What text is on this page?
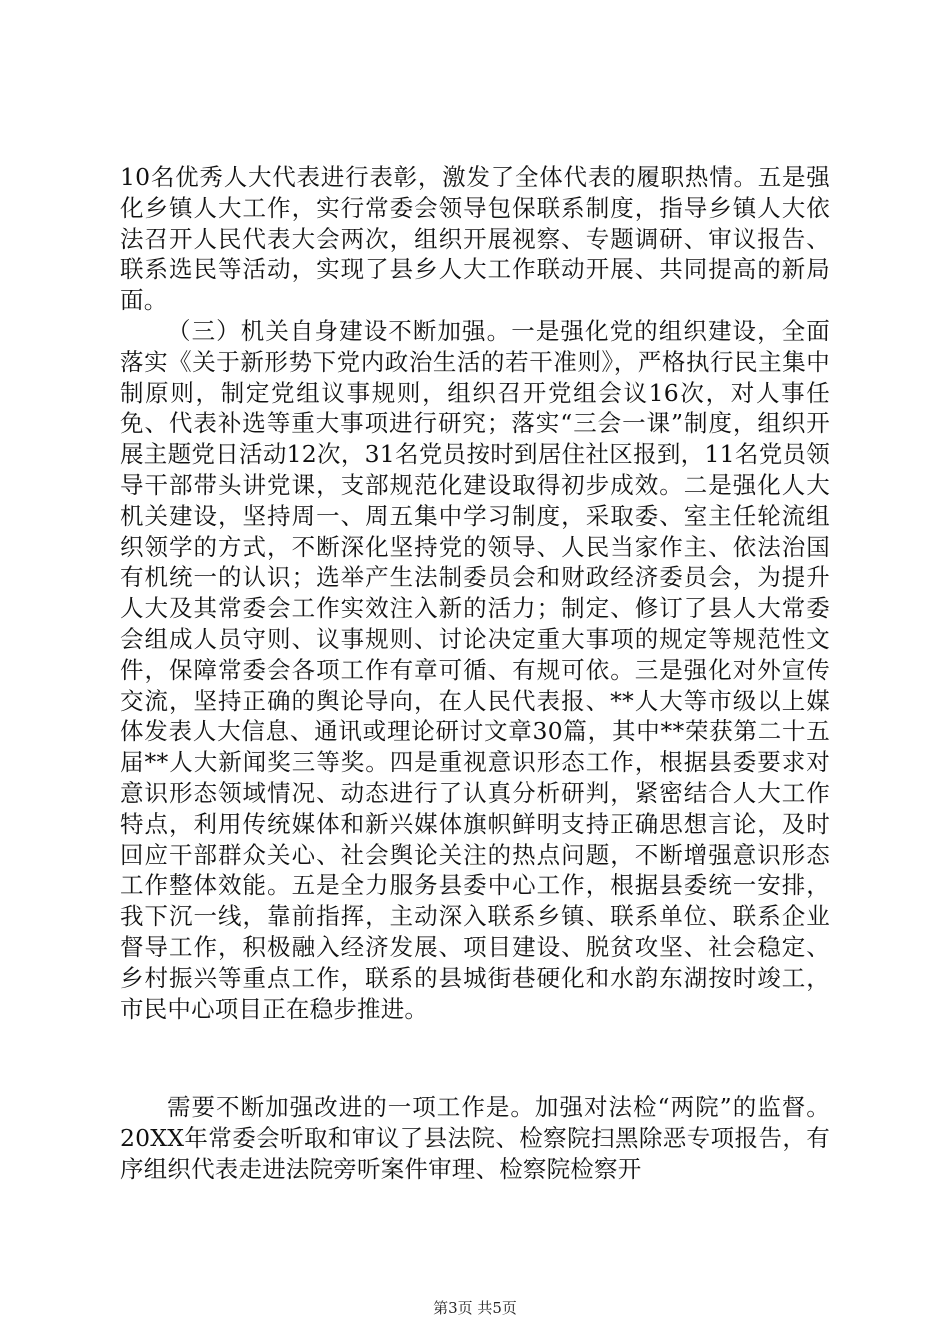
10名优秀人大代表进行表彰，激发了全体代表的履职热情。五是强化乡镇人大工作，实行常委会领导包保联系制度，指导乡镇人大依法召开人民代表大会两次，组织开展视察、专题调研、审议报告、联系选民等活动，实现了县乡人大工作联动开展、共同提高的新局面。

（三）机关自身建设不断加强。一是强化党的组织建设，全面落实《关于新形势下党内政治生活的若干准则》，严格执行民主集中制原则，制定党组议事规则，组织召开党组会议16次，对人事任免、代表补选等重大事项进行研究；落实“三会一课”制度，组织开展主题党日活动12次，31名党员按时到居住社区报到，11名党员领导干部带头讲党课，支部规范化建设取得初步成效。二是强化人大机关建设，坚持周一、周五集中学习制度，采取委、室主任轮流组织领学的方式，不断深化坚持党的领导、人民当家作主、依法治国有机统一的认识；选举产生法制委员会和财政经济委员会，为提升人大及其常委会工作实效注入新的活力；制定、修订了县人大常委会组成人员守则、议事规则、讨论决定重大事项的规定等规范性文件，保障常委会各项工作有章可循、有规可依。三是强化对外宣传交流，坚持正确的舆论导向，在人民代表报、**人大等市级以上媒体发表人大信息、通讯或理论研讨文章30篇，其中**荣获第二十五届**人大新闻奖三等奖。四是重视意识形态工作，根据县委要求对意识形态领域情况、动态进行了认真分析研判，紧密结合人大工作特点，利用传统媒体和新兴媒体旗帜鲜明支持正确思想言论，及时回应干部群众关心、社会舆论关注的热点问题，不断增强意识形态工作整体效能。五是全力服务县委中心工作，根据县委统一安排，我下沉一线，靠前指挥，主动深入联系乡镇、联系单位、联系企业督导工作，积极融入经济发展、项目建设、脱贫攻坚、社会稳定、乡村振兴等重点工作，联系的县城街巷硬化和水韵东湖按时竣工，市民中心项目正在稳步推进。

需要不断加强改进的一项工作是。加强对法检“两院”的监督。20XX年常委会听取和审议了县法院、检察院扫黑除恶专项报告，有序组织代表走进法院旁听案件审理、检察院检察开

第3页 共5页
